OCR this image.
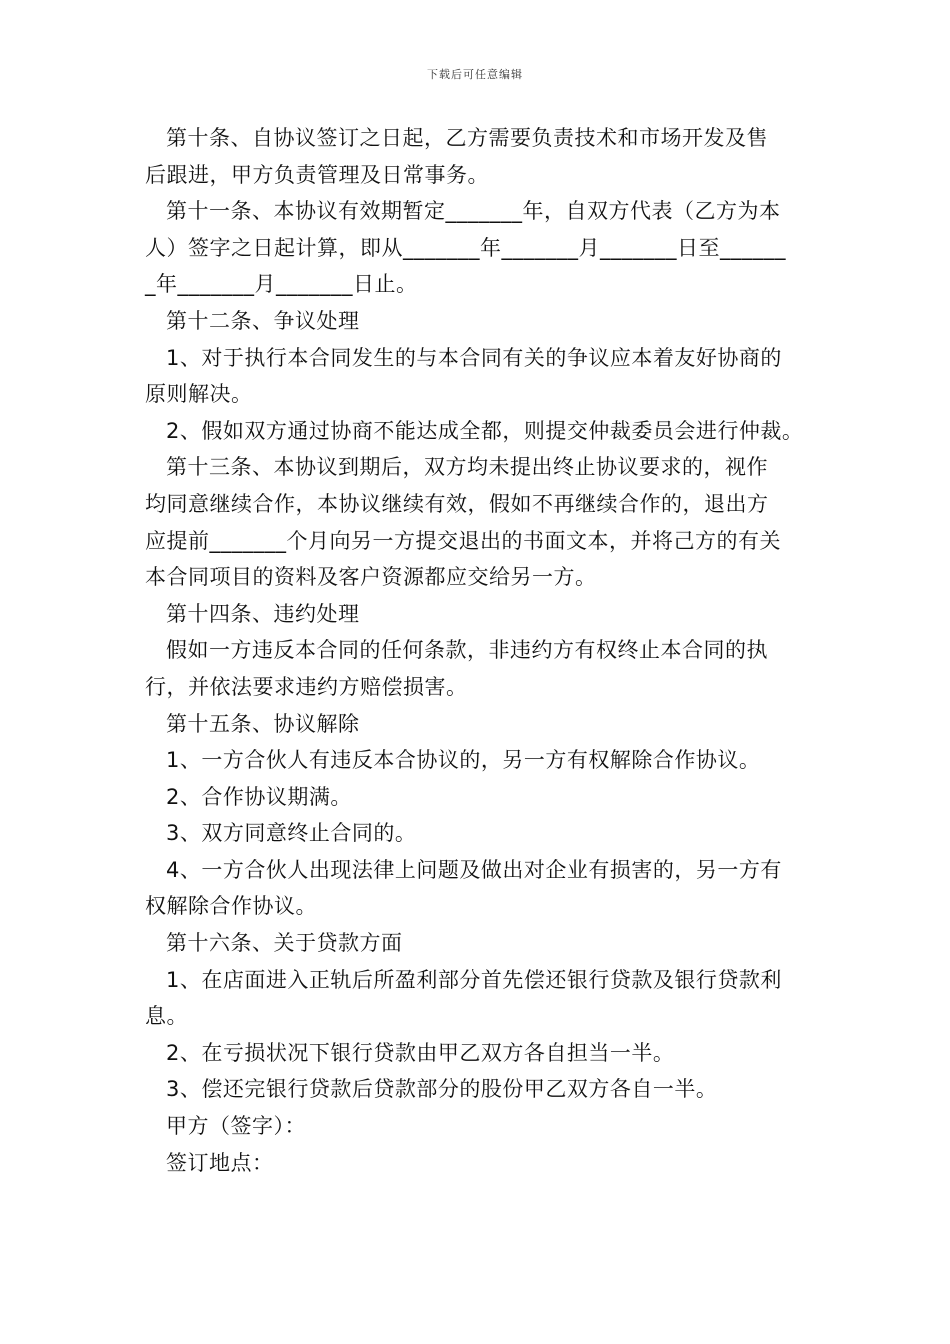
下载后可任意编辑
第十条、自协议签订之日起，乙方需要负责技术和市场开发及售
后跟进，甲方负责管理及日常事务。
第十一条、本协议有效期暂定_______年，自双方代表（乙方为本
人）签字之日起计算，即从_______年_______月_______日至______
_年_______月_______日止。
第十二条、争议处理
1、对于执行本合同发生的与本合同有关的争议应本着友好协商的
原则解决。
2、假如双方通过协商不能达成全都，则提交仲裁委员会进行仲裁。
第十三条、本协议到期后，双方均未提出终止协议要求的，视作
均同意继续合作，本协议继续有效，假如不再继续合作的，退出方
应提前_______个月向另一方提交退出的书面文本，并将己方的有关
本合同项目的资料及客户资源都应交给另一方。
第十四条、违约处理
假如一方违反本合同的任何条款，非违约方有权终止本合同的执
行，并依法要求违约方赔偿损害。
第十五条、协议解除
1、一方合伙人有违反本合协议的，另一方有权解除合作协议。
2、合作协议期满。
3、双方同意终止合同的。
4、一方合伙人出现法律上问题及做出对企业有损害的，另一方有
权解除合作协议。
第十六条、关于贷款方面
1、在店面进入正轨后所盈利部分首先偿还银行贷款及银行贷款利
息。
2、在亏损状况下银行贷款由甲乙双方各自担当一半。
3、偿还完银行贷款后贷款部分的股份甲乙双方各自一半。
甲方（签字）：
签订地点：
